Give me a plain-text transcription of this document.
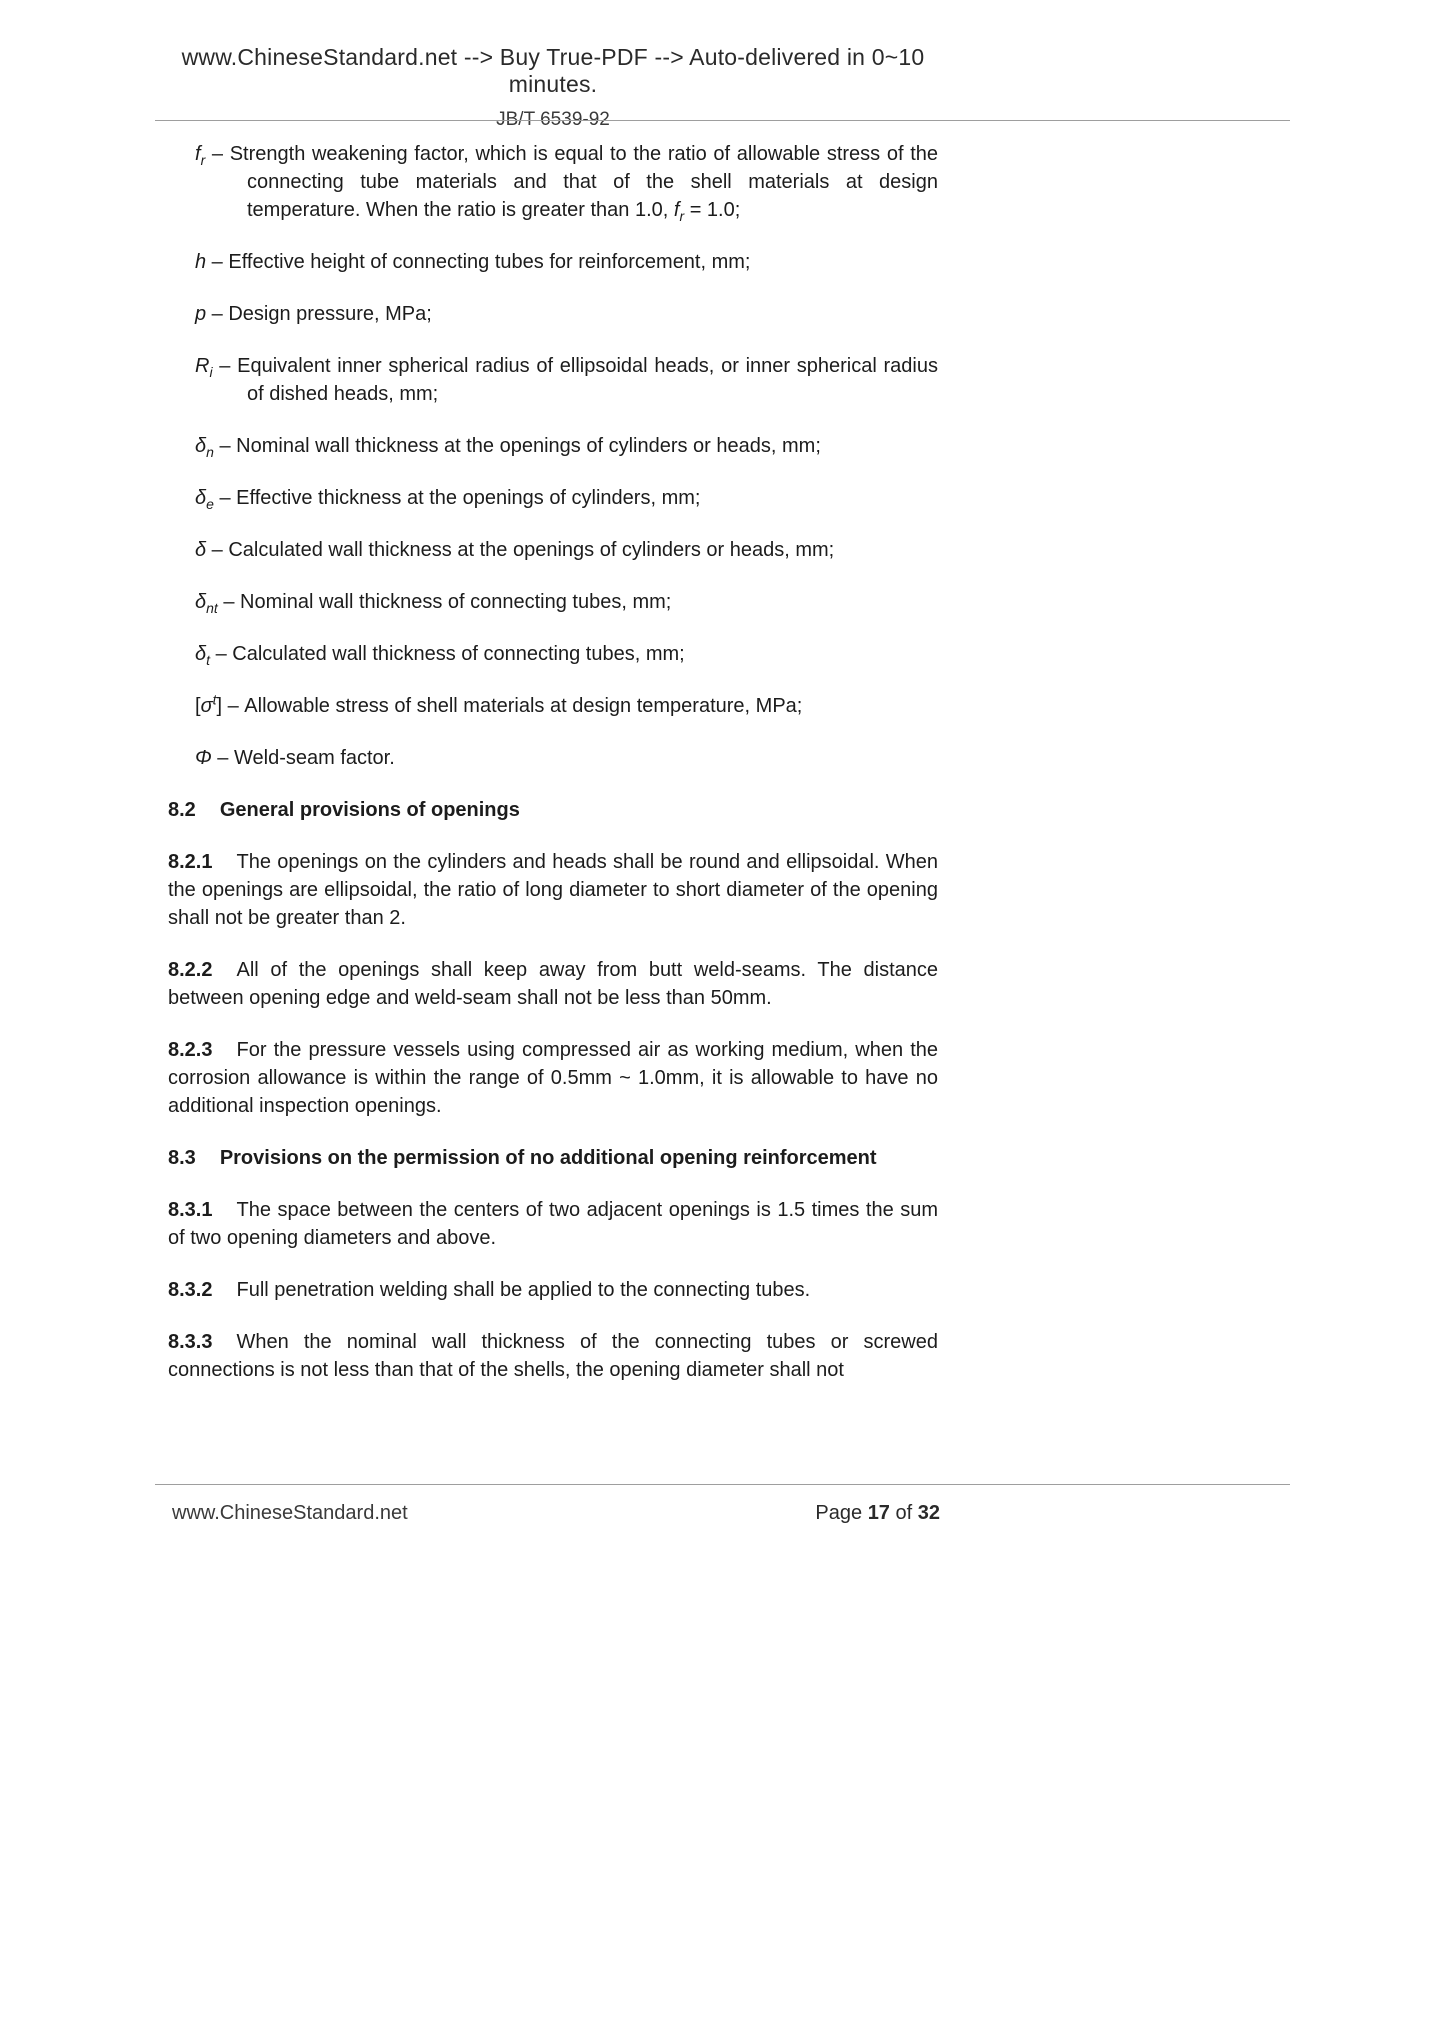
www.ChineseStandard.net --> Buy True-PDF --> Auto-delivered in 0~10 minutes.
JB/T 6539-92

$f_r$ – Strength weakening factor, which is equal to the ratio of allowable stress of the connecting tube materials and that of the shell materials at design temperature. When the ratio is greater than 1.0, $f_r = 1.0$;

h – Effective height of connecting tubes for reinforcement, mm;

p – Design pressure, MPa;

$R_i$ – Equivalent inner spherical radius of ellipsoidal heads, or inner spherical radius of dished heads, mm;

$\delta_n$ – Nominal wall thickness at the openings of cylinders or heads, mm;

$\delta_e$ – Effective thickness at the openings of cylinders, mm;

δ – Calculated wall thickness at the openings of cylinders or heads, mm;

$\delta_{nt}$ – Nominal wall thickness of connecting tubes, mm;

$\delta_t$ – Calculated wall thickness of connecting tubes, mm;

$[\sigma^t]$ – Allowable stress of shell materials at design temperature, MPa;

Φ – Weld-seam factor.

8.2 General provisions of openings

8.2.1 The openings on the cylinders and heads shall be round and ellipsoidal. When the openings are ellipsoidal, the ratio of long diameter to short diameter of the opening shall not be greater than 2.

8.2.2 All of the openings shall keep away from butt weld-seams. The distance between opening edge and weld-seam shall not be less than 50mm.

8.2.3 For the pressure vessels using compressed air as working medium, when the corrosion allowance is within the range of 0.5mm ~ 1.0mm, it is allowable to have no additional inspection openings.

8.3 Provisions on the permission of no additional opening reinforcement

8.3.1 The space between the centers of two adjacent openings is 1.5 times the sum of two opening diameters and above.

8.3.2 Full penetration welding shall be applied to the connecting tubes.

8.3.3 When the nominal wall thickness of the connecting tubes or screwed connections is not less than that of the shells, the opening diameter shall not

www.ChineseStandard.net	Page 17 of 32
